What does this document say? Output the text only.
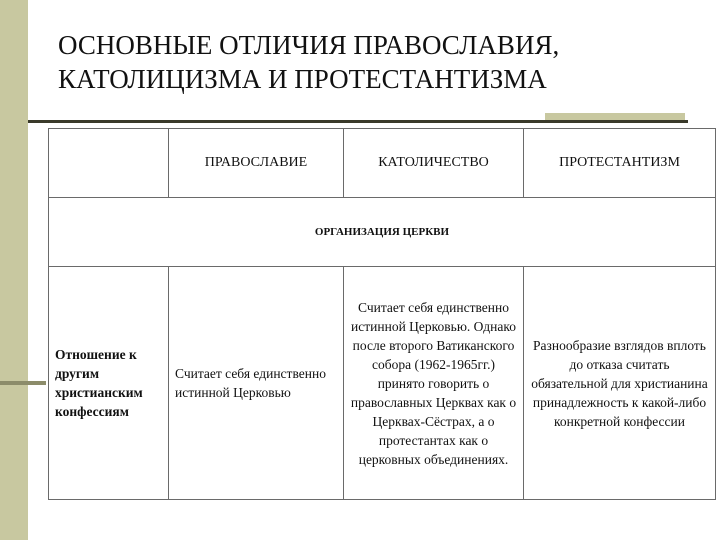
ОСНОВНЫЕ ОТЛИЧИЯ ПРАВОСЛАВИЯ,
КАТОЛИЦИЗМА И ПРОТЕСТАНТИЗМА
	ПРАВОСЛАВИЕ	КАТОЛИЧЕСТВО	ПРОТЕСТАНТИЗМ
ОРГАНИЗАЦИЯ ЦЕРКВИ			
Отношение к другим христианским конфессиям	Считает себя единственно истинной Церковью	Считает себя единственно истинной Церковью. Однако после второго Ватиканского собора (1962-1965гг.) принято говорить о православных Церквах как о Церквах-Сёстрах, а о протестантах как о церковных объединениях.	Разнообразие взглядов вплоть до отказа считать обязательной для христианина принадлежность к какой-либо конкретной конфессии
